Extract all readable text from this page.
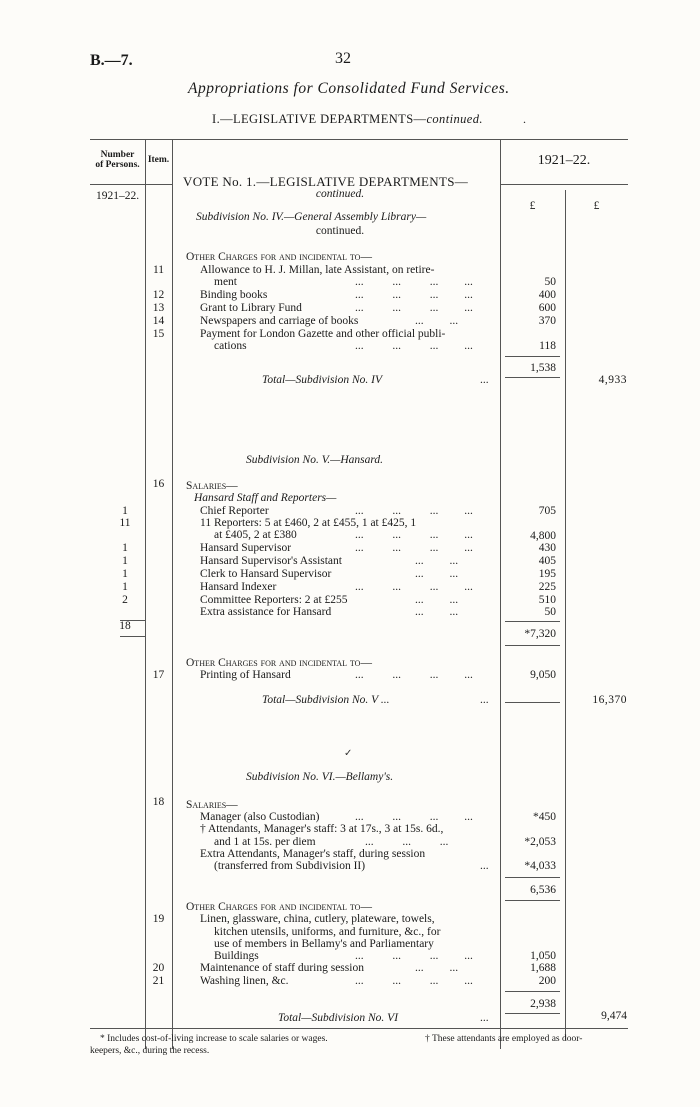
B.—7.	32
Appropriations for Consolidated Fund Services.
I.—LEGISLATIVE DEPARTMENTS—continued.	.
Number
of Persons. Item.
1921–22.
1921–22.
£	£
VOTE No. 1.—LEGISLATIVE DEPARTMENTS—
continued.
Subdivision No. IV.—General Assembly Library—
continued.
Other Charges for and incidental to—
11	Allowance to H. J. Millan, late Assistant, on retire-
ment	...          ...          ...         ...	50
12	Binding books	...          ...          ...         ...	400
13	Grant to Library Fund	...          ...          ...         ...	600
14	Newspapers and carriage of books	...         ...	370
15	Payment for London Gazette and other official publi-
cations	...          ...          ...         ...	118
1,538
Total—Subdivision No. IV	...	4,933
Subdivision No. V.—Hansard.
16	Salaries—
Hansard Staff and Reporters—
1	Chief Reporter	...          ...          ...         ...	705
11	11 Reporters: 5 at £460, 2 at £455, 1 at £425, 1
at £405, 2 at £380	...          ...          ...         ...	4,800
1	Hansard Supervisor	...          ...          ...         ...	430
1	Hansard Supervisor's Assistant	...         ...	405
1	Clerk to Hansard Supervisor	...         ...	195
1	Hansard Indexer	...          ...          ...         ...	225
2	Committee Reporters: 2 at £255	...         ...	510
Extra assistance for Hansard	...         ...	50
18
*7,320
Other Charges for and incidental to—
17	Printing of Hansard	...          ...          ...         ...	9,050
Total—Subdivision No. V ...	...	16,370
✓
Subdivision No. VI.—Bellamy's.
18	Salaries—
Manager (also Custodian)	...          ...          ...         ...	*450
† Attendants, Manager's staff: 3 at 17s., 3 at 15s. 6d.,
and 1 at 15s. per diem	...          ...          ...	*2,053
Extra Attendants, Manager's staff, during session
(transferred from Subdivision II)	...	*4,033
6,536
Other Charges for and incidental to—
19	Linen, glassware, china, cutlery, plateware, towels,
kitchen utensils, uniforms, and furniture, &c., for
use of members in Bellamy's and Parliamentary
Buildings	...          ...          ...         ...	1,050
20	Maintenance of staff during session	...         ...	1,688
21	Washing linen, &c.	...          ...          ...         ...	200
2,938
Total—Subdivision No. VI	...	9,474
* Includes cost-of-living increase to scale salaries or wages.	† These attendants are employed as door-
keepers, &c., during the recess.
